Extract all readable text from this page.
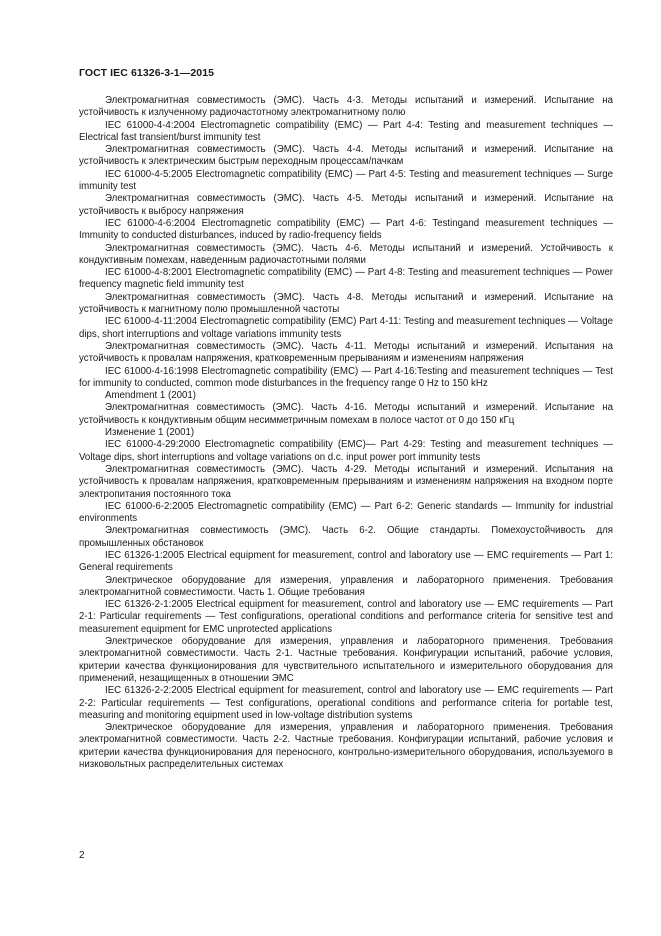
ГОСТ IEC 61326-3-1—2015

Электромагнитная совместимость (ЭМС). Часть 4-3. Методы испытаний и измерений. Испытание на устойчивость к излученному радиочастотному электромагнитному полю

IEC 61000-4-4:2004 Electromagnetic compatibility (EMC) — Part 4-4: Testing and measurement techniques — Electrical fast transient/burst immunity test

Электромагнитная совместимость (ЭМС). Часть 4-4. Методы испытаний и измерений. Испытание на устойчивость к электрическим быстрым переходным процессам/пачкам

IEC 61000-4-5:2005 Electromagnetic compatibility (EMC) — Part 4-5: Testing and measurement techniques — Surge immunity test

Электромагнитная совместимость (ЭМС). Часть 4-5. Методы испытаний и измерений. Испытание на устойчивость к выбросу напряжения

IEC 61000-4-6:2004 Electromagnetic compatibility (EMC) — Part 4-6: Testingand measurement techniques — Immunity to conducted disturbances, induced by radio-frequency fields

Электромагнитная совместимость (ЭМС). Часть 4-6. Методы испытаний и измерений. Устойчивость к кондуктивным помехам, наведенным радиочастотными полями

IEC 61000-4-8:2001 Electromagnetic compatibility (EMC) — Part 4-8: Testing and measurement techniques — Power frequency magnetic field immunity test

Электромагнитная совместимость (ЭМС). Часть 4-8. Методы испытаний и измерений. Испытание на устойчивость к магнитному полю промышленной частоты

IEC 61000-4-11:2004 Electromagnetic compatibility (EMC) Part 4-11: Testing and measurement techniques — Voltage dips, short interruptions and voltage variations immunity tests

Электромагнитная совместимость (ЭМС). Часть 4-11. Методы испытаний и измерений. Испытания на устойчивость к провалам напряжения, кратковременным прерываниям и изменениям напряжения

IEC 61000-4-16:1998 Electromagnetic compatibility (EMC) — Part 4-16:Testing and measurement techniques — Test for immunity to conducted, common mode disturbances in the frequency range 0 Hz to 150 kHz

Amendment 1 (2001)

Электромагнитная совместимость (ЭМС). Часть 4-16. Методы испытаний и измерений. Испытание на устойчивость к кондуктивным общим несимметричным помехам в полосе частот от 0 до 150 кГц

Изменение 1 (2001)

IEC 61000-4-29:2000 Electromagnetic compatibility (EMC)— Part 4-29: Testing and measurement techniques — Voltage dips, short interruptions and voltage variations on d.c. input power port immunity tests

Электромагнитная совместимость (ЭМС). Часть 4-29. Методы испытаний и измерений. Испытания на устойчивость к провалам напряжения, кратковременным прерываниям и изменениям напряжения на входном порте электропитания постоянного тока

IEC 61000-6-2:2005 Electromagnetic compatibility (EMC) — Part 6-2: Generic standards — Immunity for industrial environments

Электромагнитная совместимость (ЭМС). Часть 6-2. Общие стандарты. Помехоустойчивость для промышленных обстановок

IEC 61326-1:2005 Electrical equipment for measurement, control and laboratory use — EMC requirements — Part 1: General requirements

Электрическое оборудование для измерения, управления и лабораторного применения. Требования электромагнитной совместимости. Часть 1. Общие требования

IEC 61326-2-1:2005 Electrical equipment for measurement, control and laboratory use — EMC requirements — Part 2-1: Particular requirements — Test configurations, operational conditions and performance criteria for sensitive test and measurement equipment for EMC unprotected applications

Электрическое оборудование для измерения, управления и лабораторного применения. Требования электромагнитной совместимости. Часть 2-1. Частные требования. Конфигурации испытаний, рабочие условия, критерии качества функционирования для чувствительного испытательного и измерительного оборудования для применений, незащищенных в отношении ЭМС

IEC 61326-2-2:2005 Electrical equipment for measurement, control and laboratory use — EMC requirements — Part 2-2: Particular requirements — Test configurations, operational conditions and performance criteria for portable test, measuring and monitoring equipment used in low-voltage distribution systems

Электрическое оборудование для измерения, управления и лабораторного применения. Требования электромагнитной совместимости. Часть 2-2. Частные требования. Конфигурации испытаний, рабочие условия и критерии качества функционирования для переносного, контрольно-измерительного оборудования, используемого в низковольтных распределительных системах

2
